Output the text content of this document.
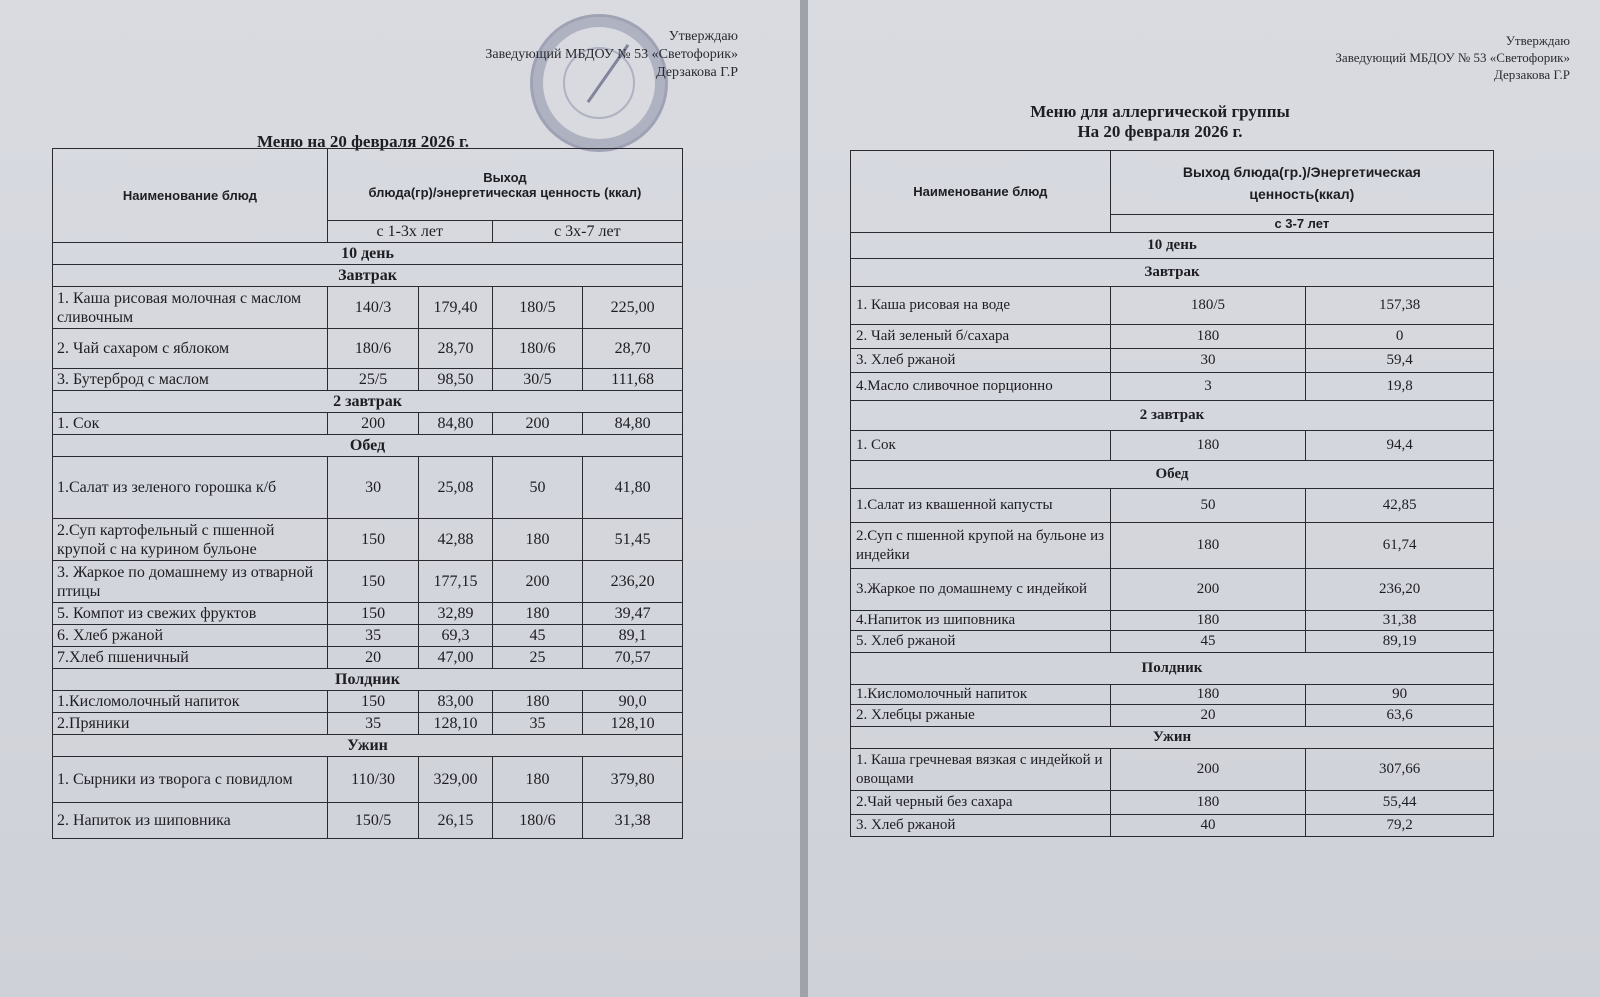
Утверждаю
Заведующий МБДОУ № 53 «Светофорик»
Дерзакова Г.Р
Меню на 20 февраля 2026 г.
Наименование блюд	Выход
блюда(гр)/энергетическая ценность (ккал)			

	с 1-3х лет		с 3х-7 лет	
10 день				
Завтрак				
1. Каша рисовая молочная с маслом сливочным	140/3	179,40	180/5	225,00
2. Чай сахаром с яблоком	180/6	28,70	180/6	28,70
3. Бутерброд с маслом	25/5	98,50	30/5	111,68
2 завтрак				
1. Сок	200	84,80	200	84,80
Обед				
1.Салат из зеленого горошка к/б	30	25,08	50	41,80
2.Суп картофельный с пшенной крупой с на курином бульоне	150	42,88	180	51,45
3. Жаркое по домашнему из отварной птицы	150	177,15	200	236,20
5. Компот из свежих фруктов	150	32,89	180	39,47
6. Хлеб ржаной	35	69,3	45	89,1
7.Хлеб пшеничный	20	47,00	25	70,57
Полдник				
1.Кисломолочный напиток	150	83,00	180	90,0
2.Пряники	35	128,10	35	128,10
Ужин				
1. Сырники из творога с повидлом	110/30	329,00	180	379,80
2. Напиток из шиповника	150/5	26,15	180/6	31,38
Утверждаю
Заведующий МБДОУ № 53 «Светофорик»
Дерзакова Г.Р
Меню для аллергической группы
На 20 февраля 2026 г.
Наименование блюд	Выход блюда(гр.)/Энергетическая
ценность(ккал)	

	с 3-7 лет	
10 день		
Завтрак		
1. Каша рисовая на воде	180/5	157,38
2. Чай зеленый б/сахара	180	0
3. Хлеб ржаной	30	59,4
4.Масло сливочное порционно	3	19,8
2 завтрак		
1. Сок	180	94,4
Обед		
1.Салат из квашенной капусты	50	42,85
2.Суп с пшенной крупой на бульоне из индейки	180	61,74
3.Жаркое по домашнему с индейкой	200	236,20
4.Напиток из шиповника	180	31,38
5. Хлеб ржаной	45	89,19
Полдник		
1.Кисломолочный напиток	180	90
2. Хлебцы ржаные	20	63,6
Ужин		
1. Каша гречневая вязкая с индейкой и овощами	200	307,66
2.Чай черный без сахара	180	55,44
3. Хлеб ржаной	40	79,2
